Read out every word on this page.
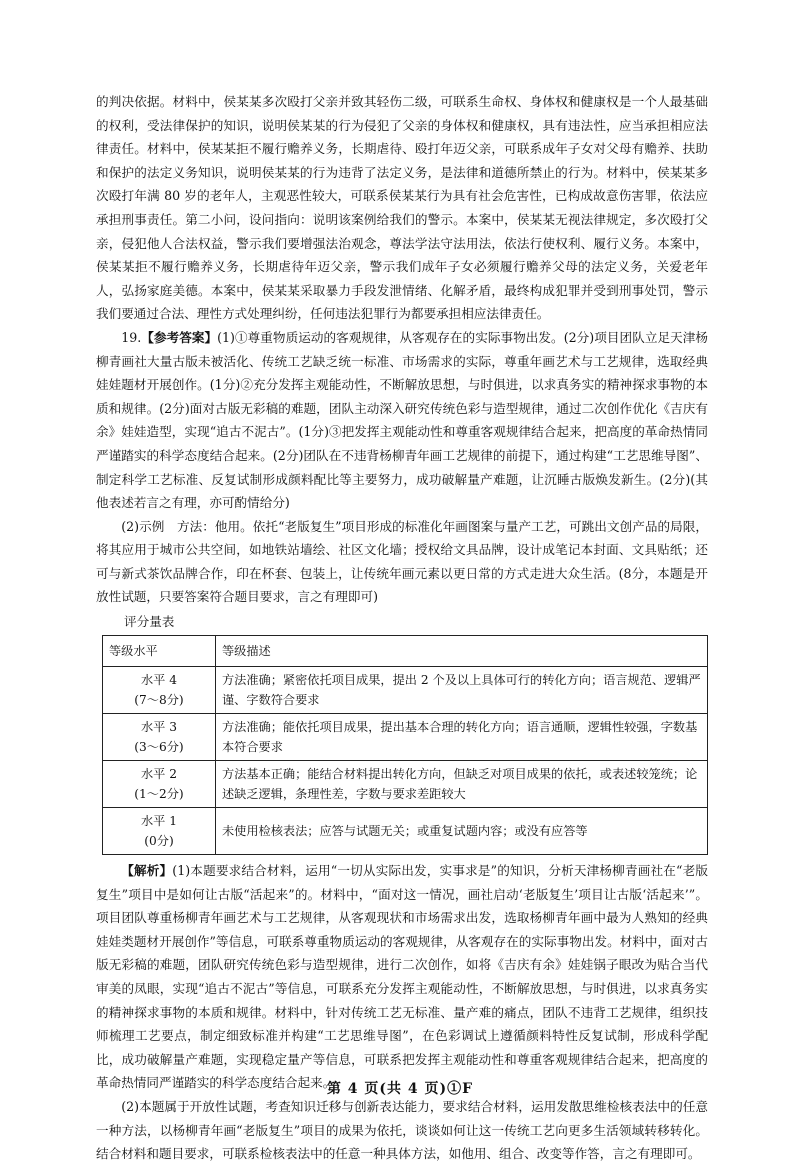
的判决依据。材料中，侯某某多次殴打父亲并致其轻伤二级，可联系生命权、身体权和健康权是一个人最基础的权利，受法律保护的知识，说明侯某某的行为侵犯了父亲的身体权和健康权，具有违法性，应当承担相应法律责任。材料中，侯某某拒不履行赡养义务，长期虐待、殴打年迈父亲，可联系成年子女对父母有赡养、扶助和保护的法定义务知识，说明侯某某的行为违背了法定义务，是法律和道德所禁止的行为。材料中，侯某某多次殴打年满 80 岁的老年人，主观恶性较大，可联系侯某某行为具有社会危害性，已构成故意伤害罪，依法应承担刑事责任。第二小问，设问指向：说明该案例给我们的警示。本案中，侯某某无视法律规定，多次殴打父亲，侵犯他人合法权益，警示我们要增强法治观念，尊法学法守法用法，依法行使权利、履行义务。本案中，侯某某拒不履行赡养义务，长期虐待年迈父亲，警示我们成年子女必须履行赡养父母的法定义务，关爱老年人，弘扬家庭美德。本案中，侯某某采取暴力手段发泄情绪、化解矛盾，最终构成犯罪并受到刑事处罚，警示我们要通过合法、理性方式处理纠纷，任何违法犯罪行为都要承担相应法律责任。

19.【参考答案】(1)①尊重物质运动的客观规律，从客观存在的实际事物出发。(2分)项目团队立足天津杨柳青画社大量古版未被活化、传统工艺缺乏统一标准、市场需求的实际，尊重年画艺术与工艺规律，选取经典娃娃题材开展创作。(1分)②充分发挥主观能动性，不断解放思想，与时俱进，以求真务实的精神探求事物的本质和规律。(2分)面对古版无彩稿的难题，团队主动深入研究传统色彩与造型规律，通过二次创作优化《吉庆有余》娃娃造型，实现“追古不泥古”。(1分)③把发挥主观能动性和尊重客观规律结合起来，把高度的革命热情同严谨踏实的科学态度结合起来。(2分)团队在不违背杨柳青年画工艺规律的前提下，通过构建“工艺思维导图”、制定科学工艺标准、反复试制形成颜料配比等主要努力，成功破解量产难题，让沉睡古版焕发新生。(2分)(其他表述若言之有理，亦可酌情给分)

(2)示例　方法：他用。依托“老版复生”项目形成的标准化年画图案与量产工艺，可跳出文创产品的局限，将其应用于城市公共空间，如地铁站墙绘、社区文化墙；授权给文具品牌，设计成笔记本封面、文具贴纸；还可与新式茶饮品牌合作，印在杯套、包装上，让传统年画元素以更日常的方式走进大众生活。(8分，本题是开放性试题，只要答案符合题目要求，言之有理即可)

评分量表
等级水平	等级描述
水平 4
(7～8分)	方法准确；紧密依托项目成果，提出 2 个及以上具体可行的转化方向；语言规范、逻辑严谨、字数符合要求
水平 3
(3～6分)	方法准确；能依托项目成果，提出基本合理的转化方向；语言通顺，逻辑性较强，字数基本符合要求
水平 2
(1～2分)	方法基本正确；能结合材料提出转化方向，但缺乏对项目成果的依托，或表述较笼统；论述缺乏逻辑，条理性差，字数与要求差距较大
水平 1
(0分)	未使用检核表法；应答与试题无关；或重复试题内容；或没有应答等

【解析】(1)本题要求结合材料，运用“一切从实际出发，实事求是”的知识，分析天津杨柳青画社在“老版复生”项目中是如何让古版“活起来”的。材料中，“面对这一情况，画社启动‘老版复生’项目让古版‘活起来’”。项目团队尊重杨柳青年画艺术与工艺规律，从客观现状和市场需求出发，选取杨柳青年画中最为人熟知的经典娃娃类题材开展创作”等信息，可联系尊重物质运动的客观规律，从客观存在的实际事物出发。材料中，面对古版无彩稿的难题，团队研究传统色彩与造型规律，进行二次创作，如将《吉庆有余》娃娃锅子眼改为贴合当代审美的凤眼，实现“追古不泥古”等信息，可联系充分发挥主观能动性，不断解放思想，与时俱进，以求真务实的精神探求事物的本质和规律。材料中，针对传统工艺无标准、量产难的痛点，团队不违背工艺规律，组织技师梳理工艺要点，制定细致标准并构建“工艺思维导图”，在色彩调试上遵循颜料特性反复试制，形成科学配比，成功破解量产难题，实现稳定量产等信息，可联系把发挥主观能动性和尊重客观规律结合起来，把高度的革命热情同严谨踏实的科学态度结合起来。

(2)本题属于开放性试题，考查知识迁移与创新表达能力，要求结合材料，运用发散思维检核表法中的任意一种方法，以杨柳青年画“老版复生”项目的成果为依托，谈谈如何让这一传统工艺向更多生活领域转移转化。结合材料和题目要求，可联系检核表法中的任意一种具体方法，如他用、组合、改变等作答，言之有理即可。

第 4 页(共 4 页)①F
